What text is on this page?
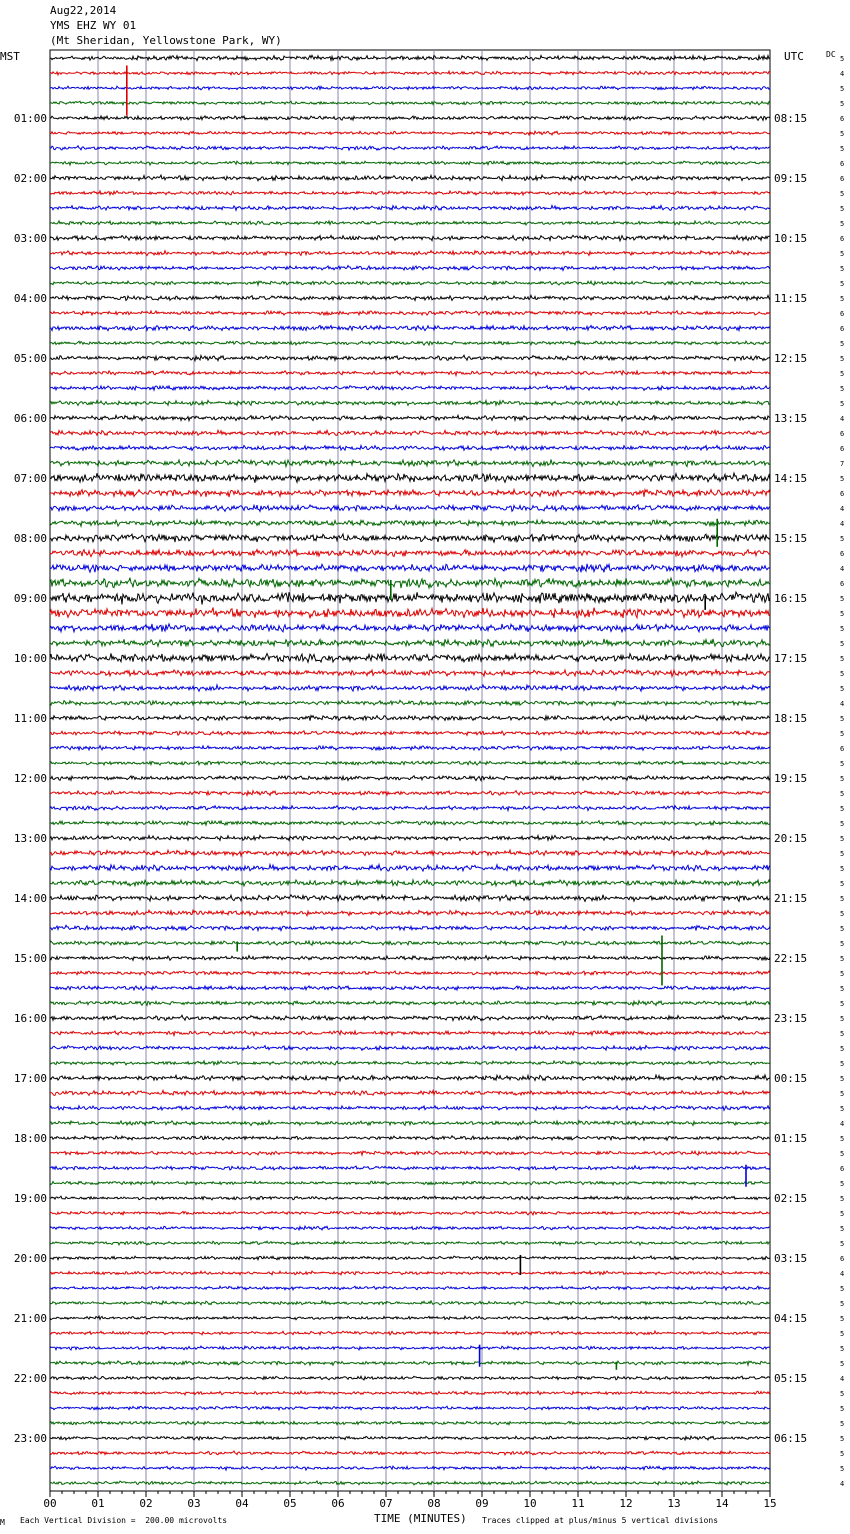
Aug22,2014
YMS EHZ WY 01
(Mt Sheridan, Yellowstone Park, WY)
MST	UTC	DC
01:00
02:00
03:00
04:00
05:00
06:00
07:00
08:00
09:00
10:00
11:00
12:00
13:00
14:00
15:00
16:00
17:00
18:00
19:00
20:00
21:00
22:00
23:00
08:15
09:15
10:15
11:15
12:15
13:15
14:15
15:15
16:15
17:15
18:15
19:15
20:15
21:15
22:15
23:15
00:15
01:15
02:15
03:15
04:15
05:15
06:15
5
4
5
5
6
5
5
6
6
5
5
5
6
5
5
5
5
6
6
5
5
5
5
5
4
6
6
7
5
6
4
4
5
6
4
6
5
5
5
5
5
5
5
4
5
5
6
5
5
5
5
5
5
5
5
5
5
5
5
5
5
5
5
5
5
5
5
5
5
5
5
4
5
5
6
5
5
5
5
5
6
4
5
5
5
5
5
5
4
5
5
5
5
5
5
4
00	01	02	03	04	05	06	07	08	09	10	11	12	13	14	15
M Each Vertical Division =  200.00 microvolts	TIME (MINUTES) Traces clipped at plus/minus 5 vertical divisions
